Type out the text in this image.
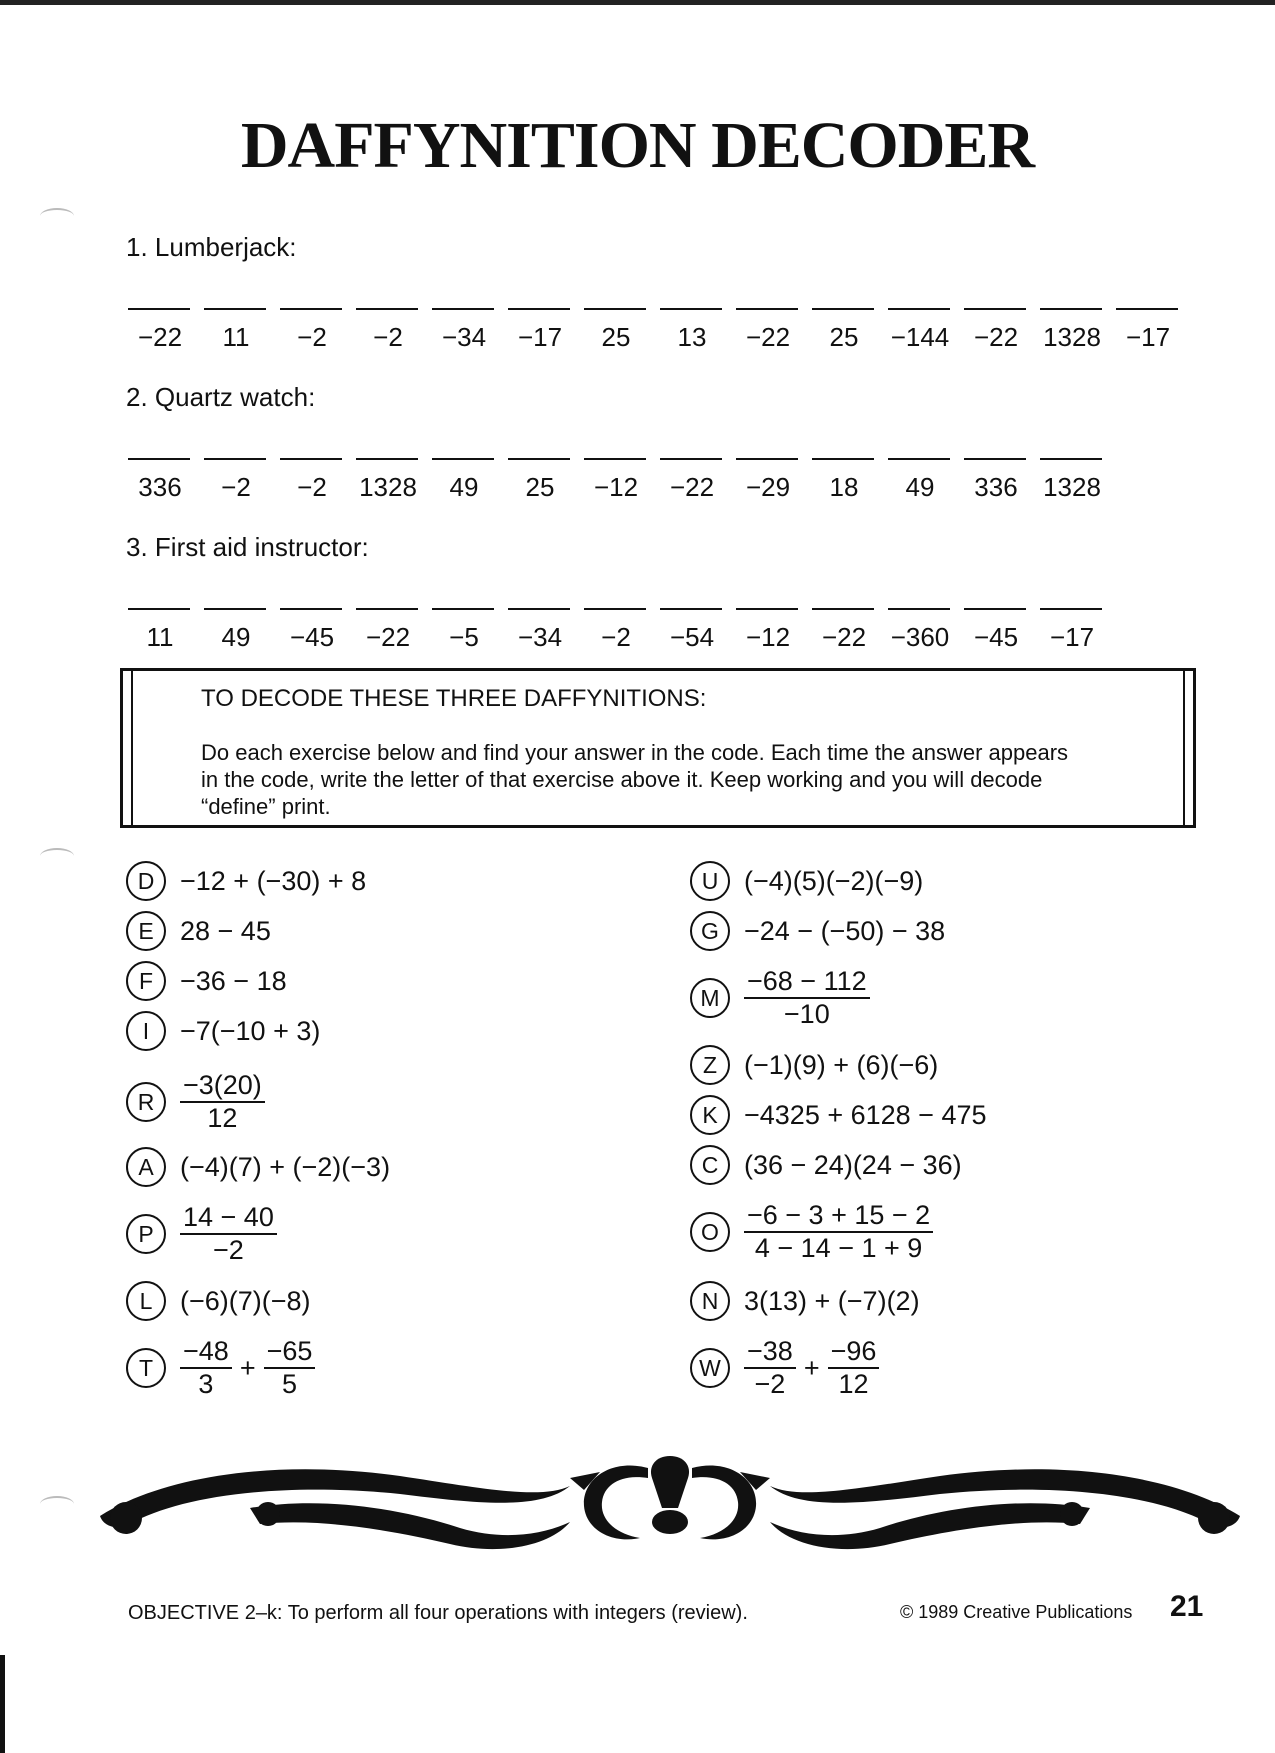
DAFFYNITION DECODER
1. Lumberjack:
−22	11	−2	−2	−34	−17	25	13	−22	25	−144 −22 1328 −17
2. Quartz watch:
336	−2	−2	1328	49	25	−12	−22	−29	18	49	336 1328
3. First aid instructor:
11	49	−45	−22	−5	−34	−2	−54	−12	−22 −360 −45	−17
TO DECODE THESE THREE DAFFYNITIONS:
Do each exercise below and find your answer in the code. Each time the answer appears in the code, write the letter of that exercise above it. Keep working and you will decode “define” print.
D −12 + (−30) + 8
E 28 − 45
F −36 − 18
I	−7(−10 + 3)
R $\frac{-3(20)}{12}$
A (−4)(7) + (−2)(−3)
P $\frac{14 - 40}{-2}$
L	(−6)(7)(−8)
T $\frac{-48}{3} + \frac{-65}{5}$
U (−4)(5)(−2)(−9)
G −24 − (−50) − 38
M $\frac{-68 - 112}{-10}$
Z (−1)(9) + (6)(−6)
K −4325 + 6128 − 475
C (36 − 24)(24 − 36)
O $\frac{-6 - 3 + 15 - 2}{4 - 14 - 1 + 9}$
N 3(13) + (−7)(2)
W $\frac{-38}{-2} + \frac{-96}{12}$
OBJECTIVE 2–k: To perform all four operations with integers (review).	© 1989 Creative Publications 21
